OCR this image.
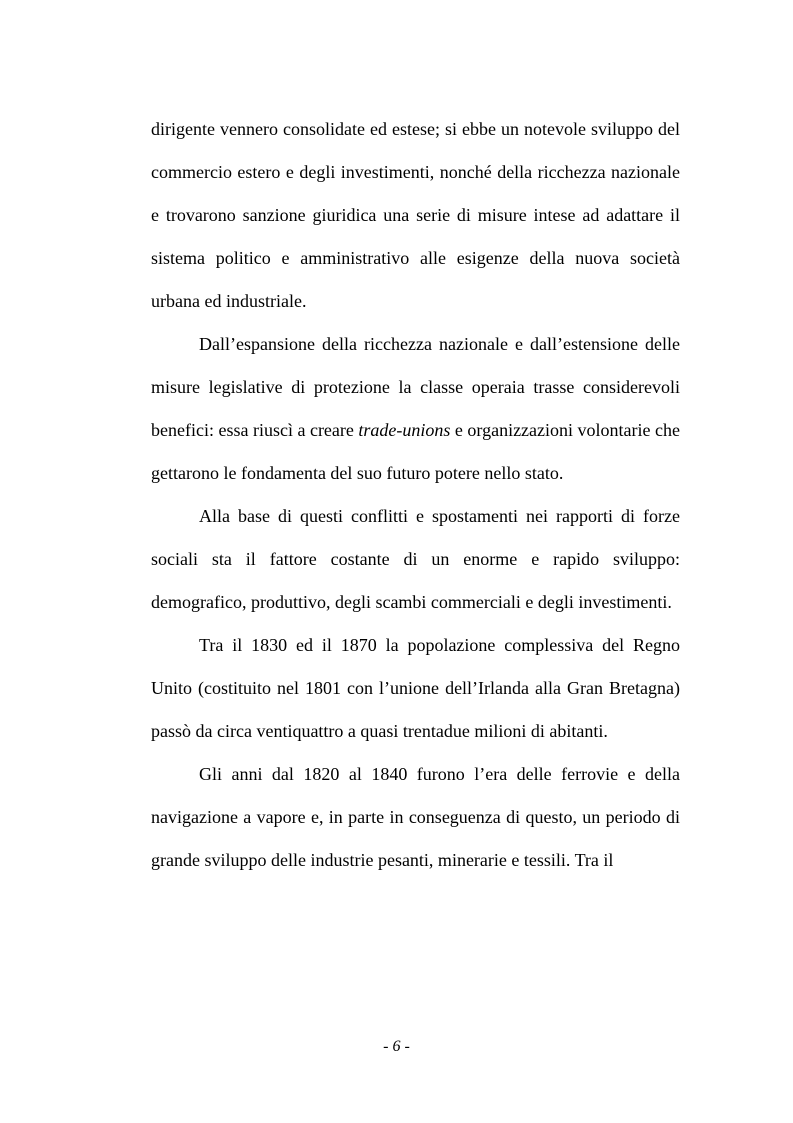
dirigente vennero consolidate ed estese; si ebbe un notevole sviluppo del commercio estero e degli investimenti, nonché della ricchezza nazionale e trovarono sanzione giuridica una serie di misure intese ad adattare il sistema politico e amministrativo alle esigenze della nuova società urbana ed industriale.

Dall’espansione della ricchezza nazionale e dall’estensione delle misure legislative di protezione la classe operaia trasse considerevoli benefici: essa riuscì a creare trade-unions e organizzazioni volontarie che gettarono le fondamenta del suo futuro potere nello stato.

Alla base di questi conflitti e spostamenti nei rapporti di forze sociali sta il fattore costante di un enorme e rapido sviluppo: demografico, produttivo, degli scambi commerciali e degli investimenti.

Tra il 1830 ed il 1870 la popolazione complessiva del Regno Unito (costituito nel 1801 con l’unione dell’Irlanda alla Gran Bretagna) passò da circa ventiquattro a quasi trentadue milioni di abitanti.

Gli anni dal 1820 al 1840 furono l’era delle ferrovie e della navigazione a vapore e, in parte in conseguenza di questo, un periodo di grande sviluppo delle industrie pesanti, minerarie e tessili. Tra il

- 6 -
